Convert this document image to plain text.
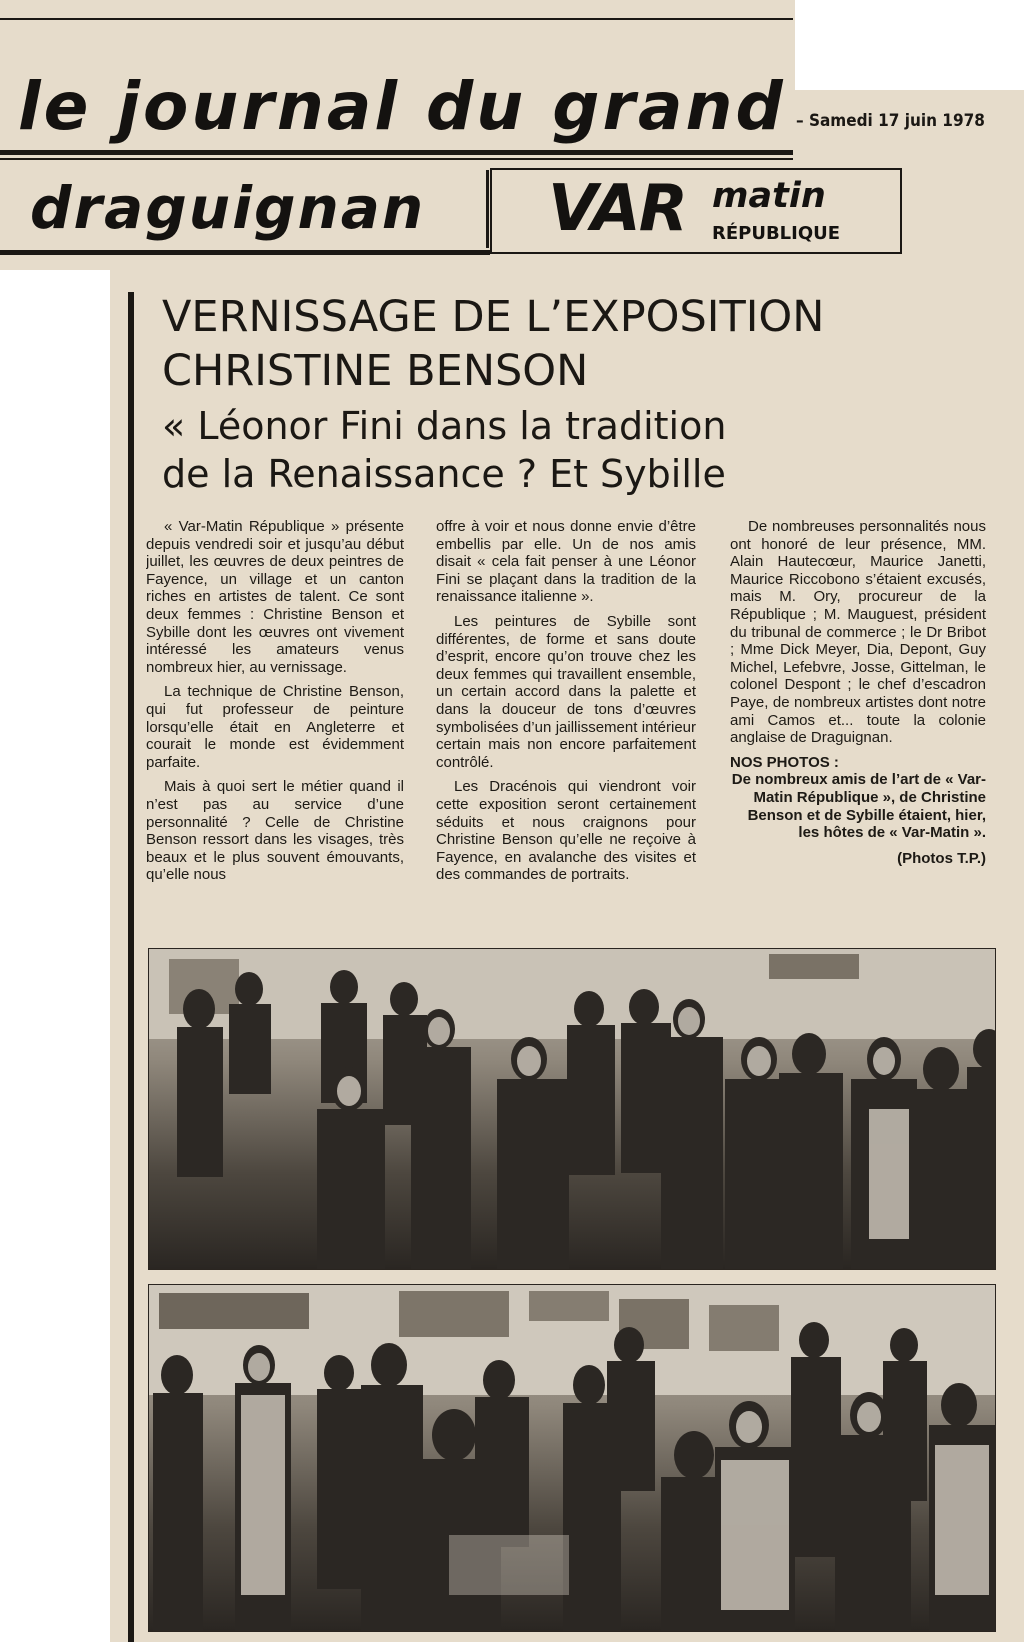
le journal du grand – Samedi 17 juin 1978
draguignan	VAR matin
RÉPUBLIQUE
VERNISSAGE DE L’EXPOSITION
CHRISTINE BENSON
« Léonor Fini dans la tradition
de la Renaissance ? Et Sybille

« Var-Matin République » présente depuis vendredi soir et jusqu’au début juillet, les œuvres de deux peintres de Fayence, un village et un canton riches en artistes de talent. Ce sont deux femmes : Christine Benson et Sybille dont les œuvres ont vivement intéressé les amateurs venus nombreux hier, au vernissage.

La technique de Christine Benson, qui fut professeur de peinture lorsqu’elle était en Angleterre et courait le monde est évidemment parfaite.

Mais à quoi sert le métier quand il n’est pas au service d’une personnalité ? Celle de Christine Benson ressort dans les visages, très beaux et le plus souvent émouvants, qu’elle nous

offre à voir et nous donne envie d’être embellis par elle. Un de nos amis disait « cela fait penser à une Léonor Fini se plaçant dans la tradition de la renaissance italienne ».

Les peintures de Sybille sont différentes, de forme et sans doute d’esprit, encore qu’on trouve chez les deux femmes qui travaillent ensemble, un certain accord dans la palette et dans la douceur de tons d’œuvres symbolisées d’un jaillissement intérieur certain mais non encore parfaitement contrôlé.

Les Dracénois qui viendront voir cette exposition seront certainement séduits et nous craignons pour Christine Benson qu’elle ne reçoive à Fayence, en avalanche des visites et des commandes de portraits.

De nombreuses personnalités nous ont honoré de leur présence, MM. Alain Hautecœur, Maurice Janetti, Maurice Riccobono s’étaient excusés, mais M. Ory, procureur de la République ; M. Mauguest, président du tribunal de commerce ; le Dr Bribot ; Mme Dick Meyer, Dia, Depont, Guy Michel, Lefebvre, Josse, Gittelman, le colonel Despont ; le chef d’escadron Paye, de nombreux artistes dont notre ami Camos et... toute la colonie anglaise de Draguignan.

NOS PHOTOS :

De nombreux amis de l’art de « Var-Matin République », de Christine Benson et de Sybille étaient, hier, les hôtes de « Var-Matin ».

(Photos T.P.)
